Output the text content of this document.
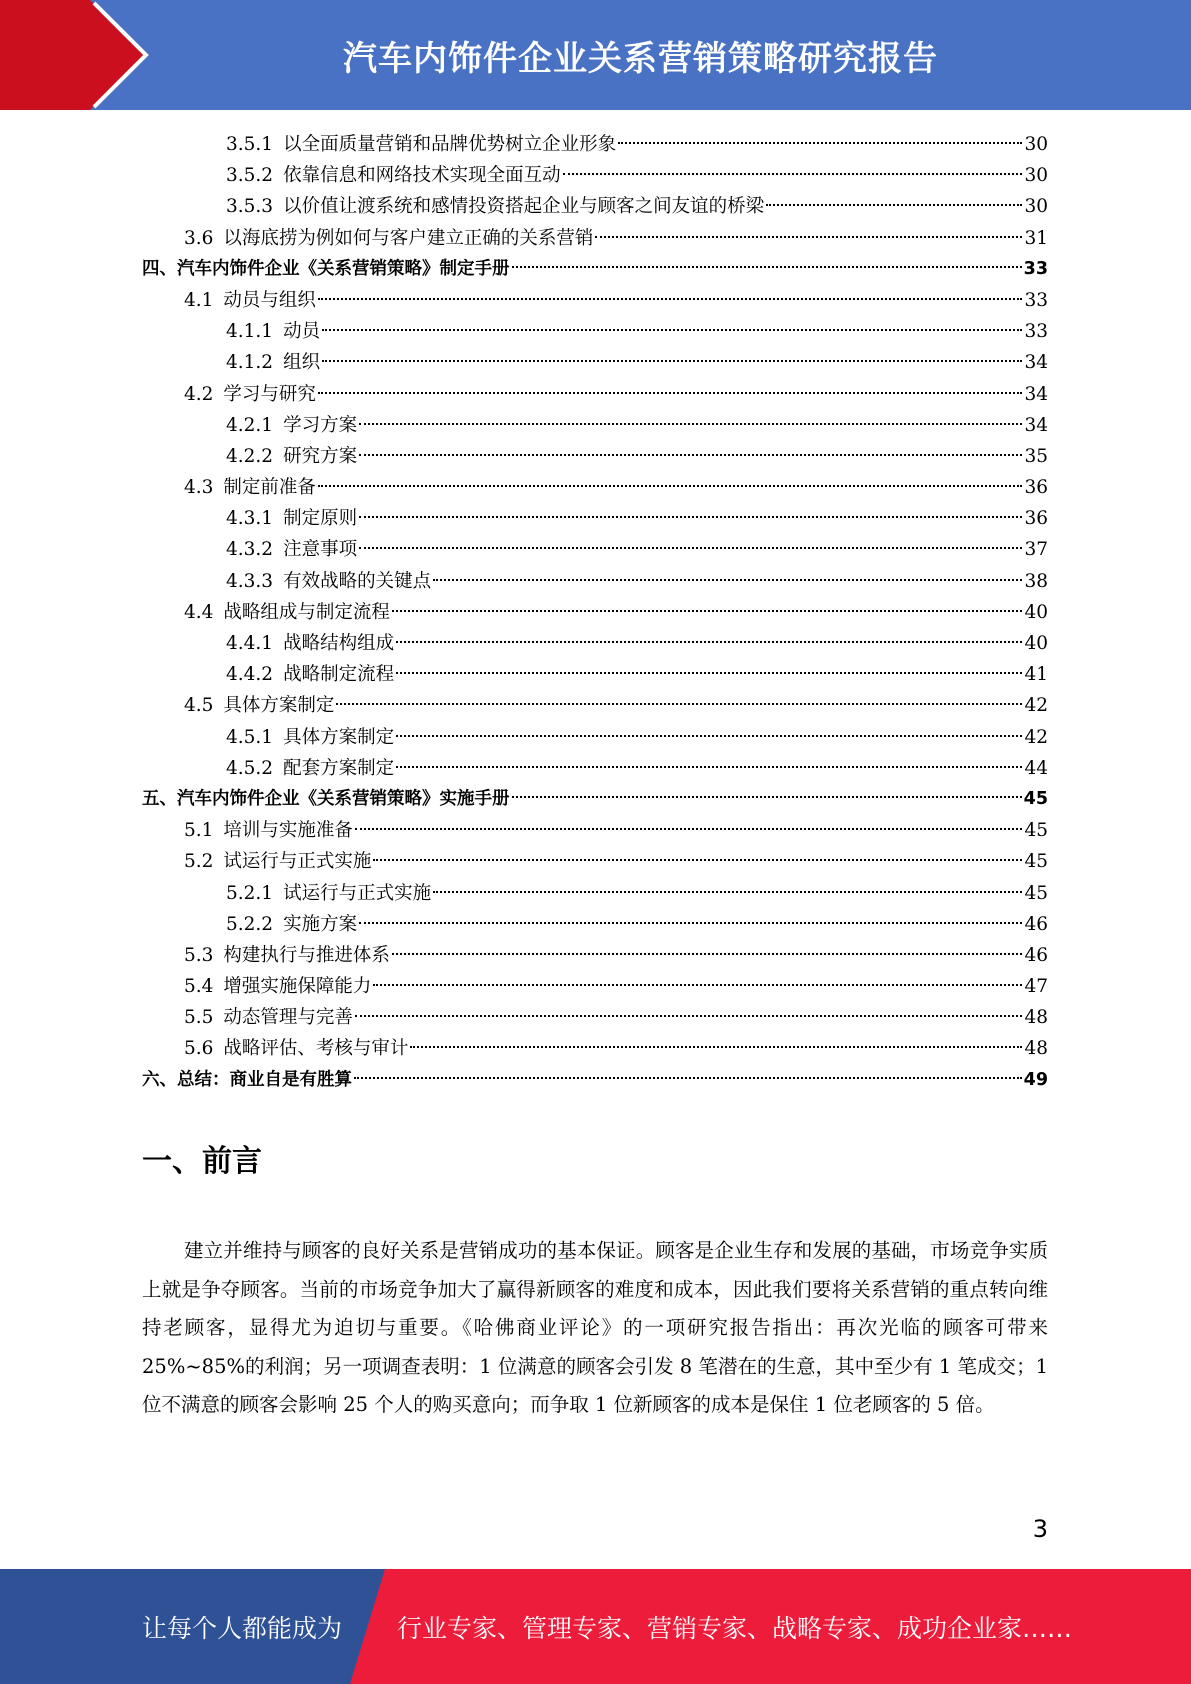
汽车内饰件企业关系营销策略研究报告
3.5.1 以全面质量营销和品牌优势树立企业形象	30
3.5.2 依靠信息和网络技术实现全面互动	30
3.5.3 以价值让渡系统和感情投资搭起企业与顾客之间友谊的桥梁	30
3.6 以海底捞为例如何与客户建立正确的关系营销	31
四、汽车内饰件企业《关系营销策略》制定手册	33
4.1 动员与组织	33
4.1.1 动员	33
4.1.2 组织	34
4.2 学习与研究	34
4.2.1 学习方案	34
4.2.2 研究方案	35
4.3 制定前准备	36
4.3.1 制定原则	36
4.3.2 注意事项	37
4.3.3 有效战略的关键点	38
4.4 战略组成与制定流程	40
4.4.1 战略结构组成	40
4.4.2 战略制定流程	41
4.5 具体方案制定	42
4.5.1 具体方案制定	42
4.5.2 配套方案制定	44
五、汽车内饰件企业《关系营销策略》实施手册	45
5.1 培训与实施准备	45
5.2 试运行与正式实施	45
5.2.1 试运行与正式实施	45
5.2.2 实施方案	46
5.3 构建执行与推进体系	46
5.4 增强实施保障能力	47
5.5 动态管理与完善	48
5.6 战略评估、考核与审计	48
六、总结：商业自是有胜算	49
一、前言
建立并维持与顾客的良好关系是营销成功的基本保证。顾客是企业生存和发展的基础，市场竞争实质上就是争夺顾客。当前的市场竞争加大了赢得新顾客的难度和成本，因此我们要将关系营销的重点转向维持老顾客，显得尤为迫切与重要。《哈佛商业评论》的一项研究报告指出：再次光临的顾客可带来 25%~85%的利润；另一项调查表明：1 位满意的顾客会引发 8 笔潜在的生意，其中至少有 1 笔成交；1 位不满意的顾客会影响 25 个人的购买意向；而争取 1 位新顾客的成本是保住 1 位老顾客的 5 倍。
3
让每个人都能成为 行业专家、管理专家、营销专家、战略专家、成功企业家……
